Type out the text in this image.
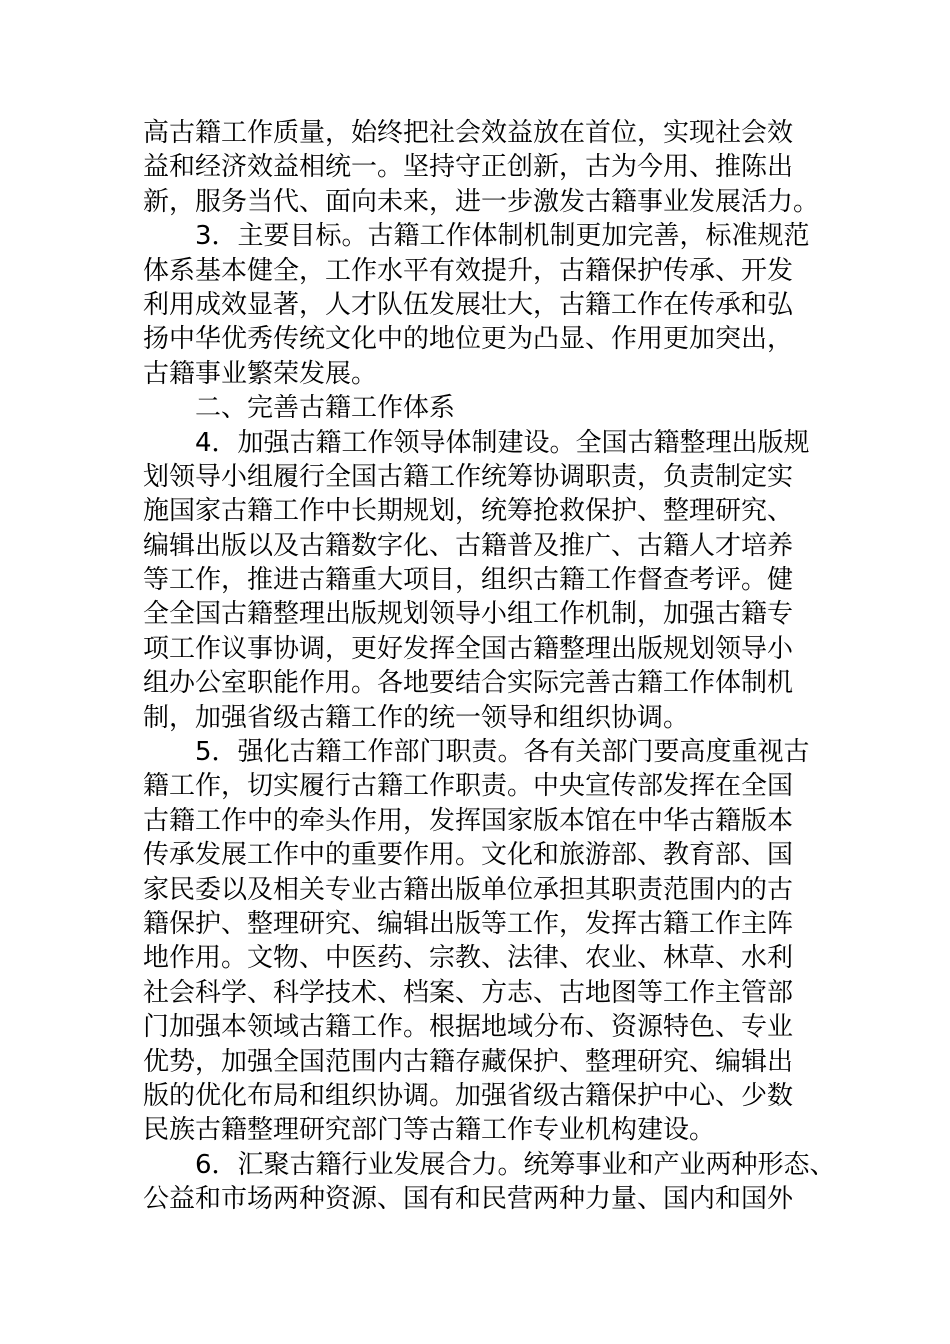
高古籍工作质量，始终把社会效益放在首位，实现社会效
益和经济效益相统一。坚持守正创新，古为今用、推陈出
新，服务当代、面向未来，进一步激发古籍事业发展活力。
3．主要目标。古籍工作体制机制更加完善，标准规范
体系基本健全，工作水平有效提升，古籍保护传承、开发
利用成效显著，人才队伍发展壮大，古籍工作在传承和弘
扬中华优秀传统文化中的地位更为凸显、作用更加突出，
古籍事业繁荣发展。
二、完善古籍工作体系
4．加强古籍工作领导体制建设。全国古籍整理出版规
划领导小组履行全国古籍工作统筹协调职责，负责制定实
施国家古籍工作中长期规划，统筹抢救保护、整理研究、
编辑出版以及古籍数字化、古籍普及推广、古籍人才培养
等工作，推进古籍重大项目，组织古籍工作督查考评。健
全全国古籍整理出版规划领导小组工作机制，加强古籍专
项工作议事协调，更好发挥全国古籍整理出版规划领导小
组办公室职能作用。各地要结合实际完善古籍工作体制机
制，加强省级古籍工作的统一领导和组织协调。
5．强化古籍工作部门职责。各有关部门要高度重视古
籍工作，切实履行古籍工作职责。中央宣传部发挥在全国
古籍工作中的牵头作用，发挥国家版本馆在中华古籍版本
传承发展工作中的重要作用。文化和旅游部、教育部、国
家民委以及相关专业古籍出版单位承担其职责范围内的古
籍保护、整理研究、编辑出版等工作，发挥古籍工作主阵
地作用。文物、中医药、宗教、法律、农业、林草、水利
社会科学、科学技术、档案、方志、古地图等工作主管部
门加强本领域古籍工作。根据地域分布、资源特色、专业
优势，加强全国范围内古籍存藏保护、整理研究、编辑出
版的优化布局和组织协调。加强省级古籍保护中心、少数
民族古籍整理研究部门等古籍工作专业机构建设。
6．汇聚古籍行业发展合力。统筹事业和产业两种形态、
公益和市场两种资源、国有和民营两种力量、国内和国外
